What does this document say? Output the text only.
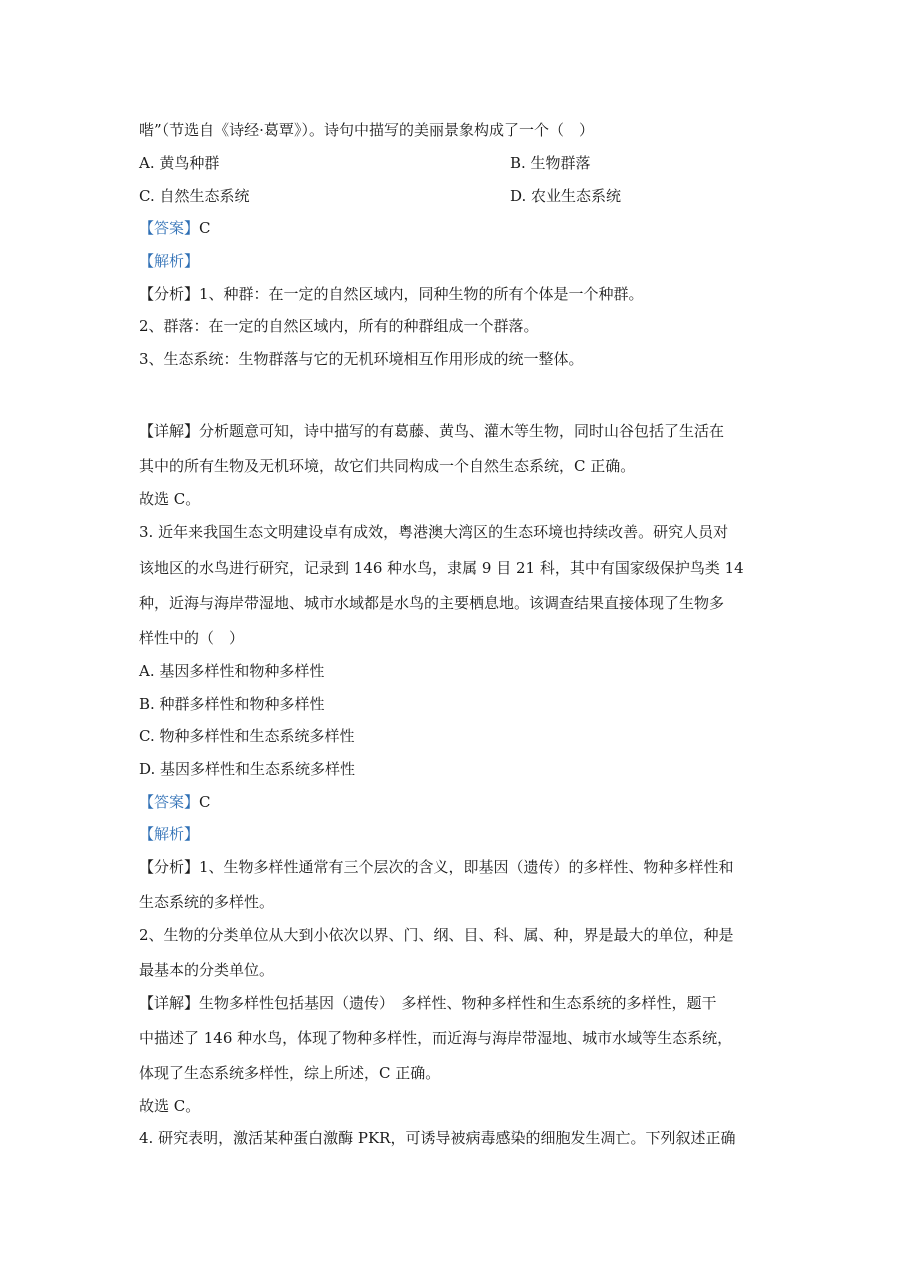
喈”（节选自《诗经·葛覃》）。诗句中描写的美丽景象构成了一个（　）
A. 黄鸟种群	B. 生物群落
C. 自然生态系统	D. 农业生态系统
【答案】C
【解析】
【分析】1、种群：在一定的自然区域内，同种生物的所有个体是一个种群。
2、群落：在一定的自然区域内，所有的种群组成一个群落。
3、生态系统：生物群落与它的无机环境相互作用形成的统一整体。
【详解】分析题意可知，诗中描写的有葛藤、黄鸟、灌木等生物，同时山谷包括了生活在
其中的所有生物及无机环境，故它们共同构成一个自然生态系统，C 正确。
故选 C。
3. 近年来我国生态文明建设卓有成效，粤港澳大湾区的生态环境也持续改善。研究人员对
该地区的水鸟进行研究，记录到 146 种水鸟，隶属 9 目 21 科，其中有国家级保护鸟类 14
种，近海与海岸带湿地、城市水域都是水鸟的主要栖息地。该调查结果直接体现了生物多
样性中的（　）
A. 基因多样性和物种多样性
B. 种群多样性和物种多样性
C. 物种多样性和生态系统多样性
D. 基因多样性和生态系统多样性
【答案】C
【解析】
【分析】1、生物多样性通常有三个层次的含义，即基因（遗传）的多样性、物种多样性和
生态系统的多样性。
2、生物的分类单位从大到小依次以界、门、纲、目、科、属、种，界是最大的单位，种是
最基本的分类单位。
【详解】生物多样性包括基因（遗传）　多样性、物种多样性和生态系统的多样性，题干
中描述了 146 种水鸟，体现了物种多样性，而近海与海岸带湿地、城市水域等生态系统，
体现了生态系统多样性，综上所述，C 正确。
故选 C。
4. 研究表明，激活某种蛋白激酶 PKR，可诱导被病毒感染的细胞发生凋亡。下列叙述正确
